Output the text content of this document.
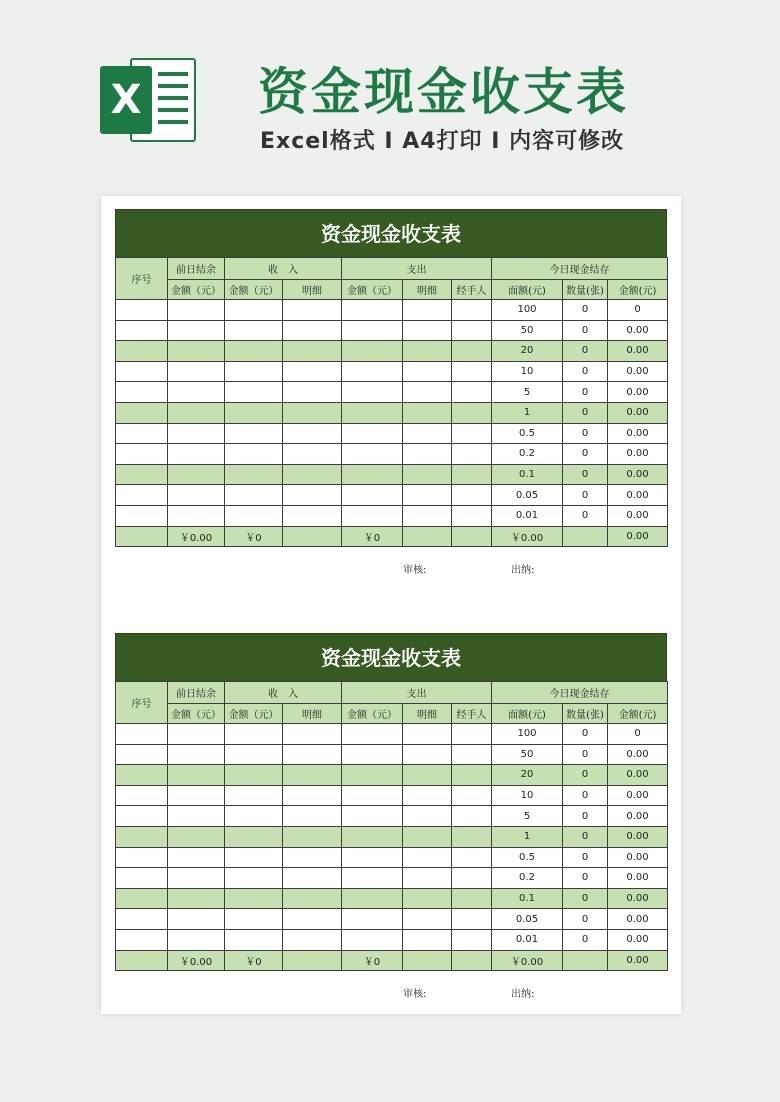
X 资金现金收支表
Excel格式 I A4打印 I 内容可修改
资金现金收支表
序号	前日结余	收　入		支出			今日现金结存		
	金额（元）	金额（元）	明细	金额（元）	明细	经手人	面额(元)	数量(张)	金额(元)
							100	0	0
							50	0	0.00
							20	0	0.00
							10	0	0.00
							5	0	0.00
							1	0	0.00
							0.5	0	0.00
							0.2	0	0.00
							0.1	0	0.00
							0.05	0	0.00
							0.01	0	0.00
	￥0.00	￥0		￥0			￥0.00		0.00
审核:	出纳:
资金现金收支表
序号	前日结余	收　入		支出			今日现金结存		
	金额（元）	金额（元）	明细	金额（元）	明细	经手人	面额(元)	数量(张)	金额(元)
							100	0	0
							50	0	0.00
							20	0	0.00
							10	0	0.00
							5	0	0.00
							1	0	0.00
							0.5	0	0.00
							0.2	0	0.00
							0.1	0	0.00
							0.05	0	0.00
							0.01	0	0.00
	￥0.00	￥0		￥0			￥0.00		0.00
审核:	出纳:
